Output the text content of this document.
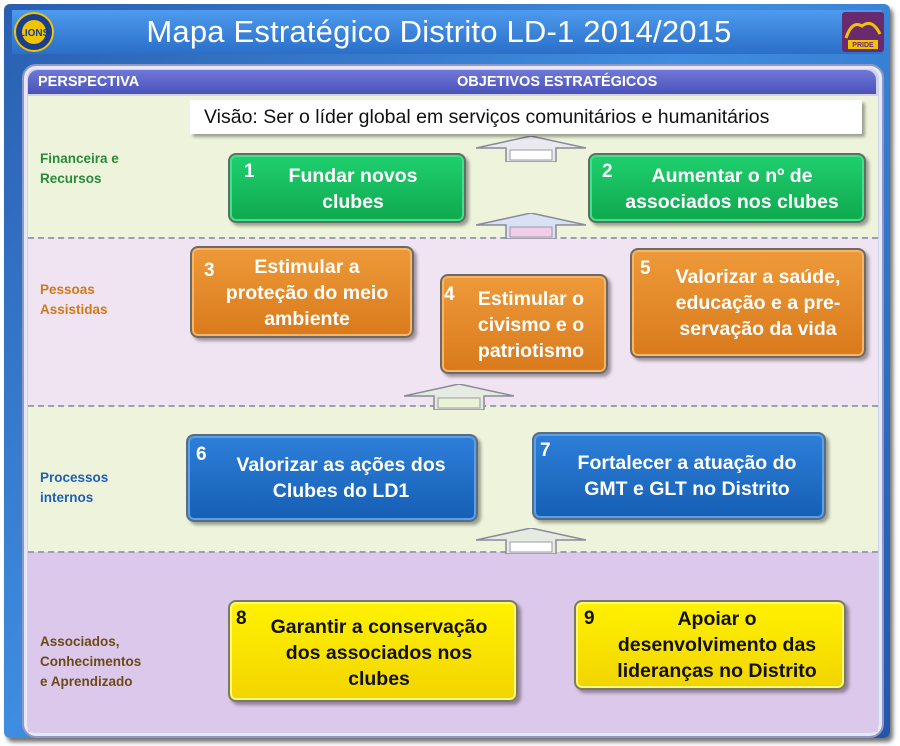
Mapa Estratégico Distrito LD-1 2014/2015
LIONS
PRIDE
PERSPECTIVA	OBJETIVOS ESTRATÉGICOS
Financeira e
Recursos
Pessoas
Assistidas
Processos
internos
Associados,
Conhecimentos
e Aprendizado
Visão: Ser o líder global em serviços comunitários e humanitários
1	Fundar novos
clubes
2	Aumentar o nº de
associados nos clubes
3	Estimular a
proteção do meio
ambiente
4	Estimular o
civismo e o
patriotismo
5	Valorizar a saúde,
educação e a pre-
servação da vida
6	Valorizar as ações dos
Clubes do LD1
7
Fortalecer a atuação do
GMT e GLT no Distrito
8	Garantir a conservação
dos associados nos
clubes
9	Apoiar o
desenvolvimento das
lideranças no Distrito
